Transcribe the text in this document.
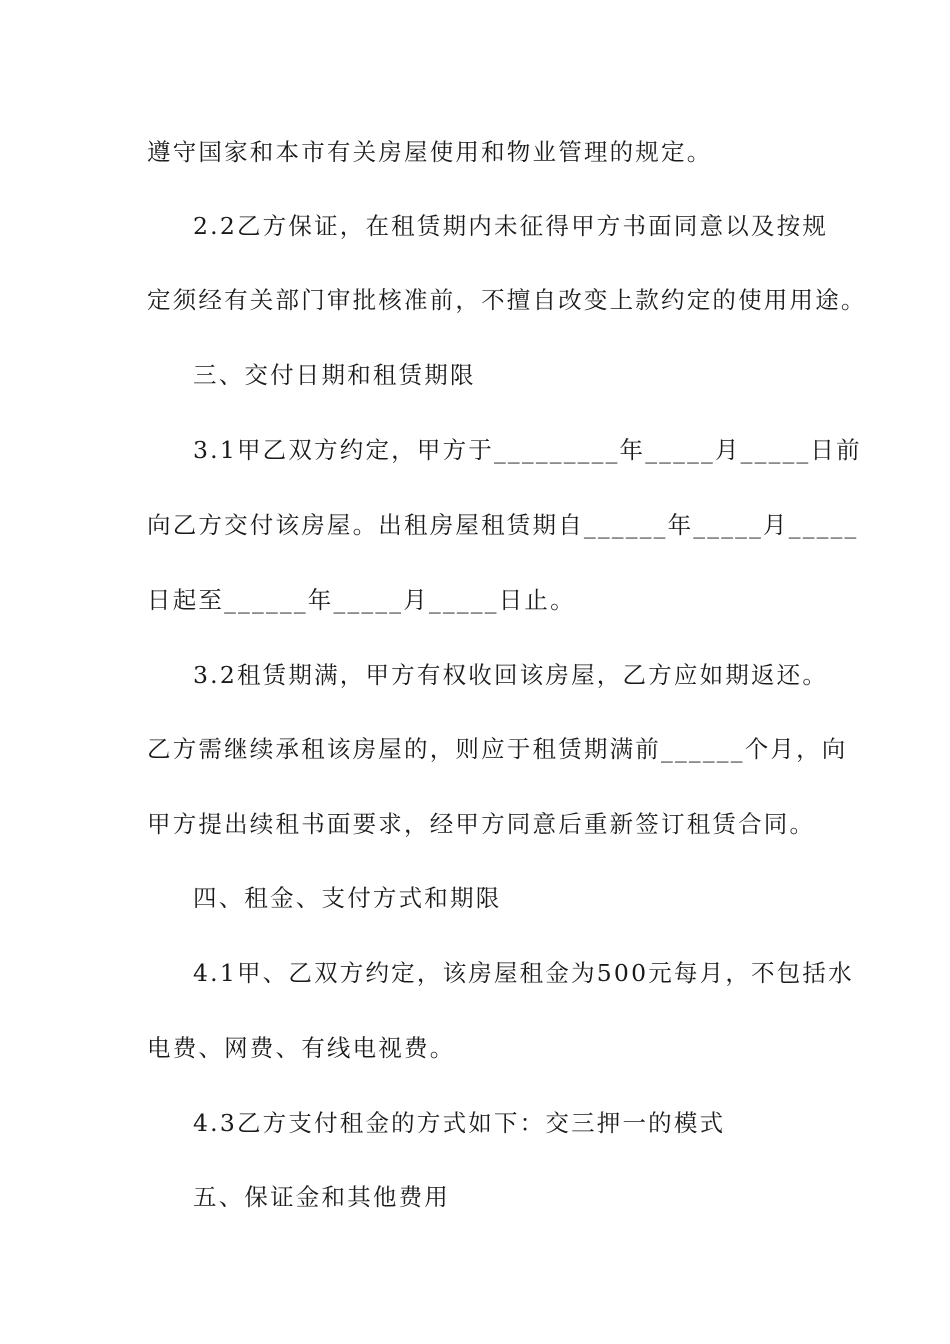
遵守国家和本市有关房屋使用和物业管理的规定。
2.2乙方保证，在租赁期内未征得甲方书面同意以及按规
定须经有关部门审批核准前，不擅自改变上款约定的使用用途。
三、交付日期和租赁期限
3.1甲乙双方约定，甲方于_________年_____月_____日前
向乙方交付该房屋。出租房屋租赁期自______年_____月_____
日起至______年_____月_____日止。
3.2租赁期满，甲方有权收回该房屋，乙方应如期返还。
乙方需继续承租该房屋的，则应于租赁期满前______个月，向
甲方提出续租书面要求，经甲方同意后重新签订租赁合同。
四、租金、支付方式和期限
4.1甲、乙双方约定，该房屋租金为500元每月，不包括水
电费、网费、有线电视费。
4.3乙方支付租金的方式如下：交三押一的模式
五、保证金和其他费用
